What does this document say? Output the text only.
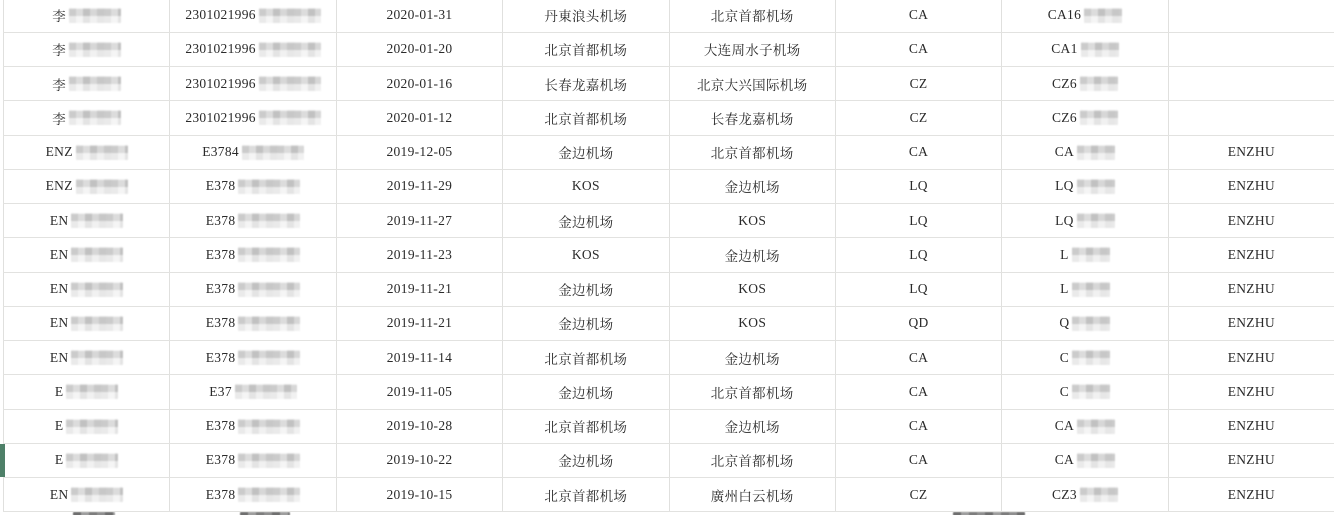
李	2301021996	2020-01-31	丹東浪头机场	北京首都机场	CA	CA16
李	2301021996	2020-01-20	北京首都机场	大连周水子机场	CA	CA1
李	2301021996	2020-01-16	长春龙嘉机场	北京大兴国际机场	CZ	CZ6
李	2301021996	2020-01-12	北京首都机场	长春龙嘉机场	CZ	CZ6
ENZ	E3784	2019-12-05	金边机场	北京首都机场	CA	CA	ENZHU
ENZ	E378	2019-11-29	KOS	金边机场	LQ	LQ	ENZHU
EN	E378	2019-11-27	金边机场	KOS	LQ	LQ	ENZHU
EN	E378	2019-11-23	KOS	金边机场	LQ	L	ENZHU
EN	E378	2019-11-21	金边机场	KOS	LQ	L	ENZHU
EN	E378	2019-11-21	金边机场	KOS	QD	Q	ENZHU
EN	E378	2019-11-14	北京首都机场	金边机场	CA	C	ENZHU
E	E37	2019-11-05	金边机场	北京首都机场	CA	C	ENZHU
E	E378	2019-10-28	北京首都机场	金边机场	CA	CA	ENZHU
E	E378	2019-10-22	金边机场	北京首都机场	CA	CA	ENZHU
EN	E378	2019-10-15	北京首都机场	廣州白云机场	CZ	CZ3	ENZHU
